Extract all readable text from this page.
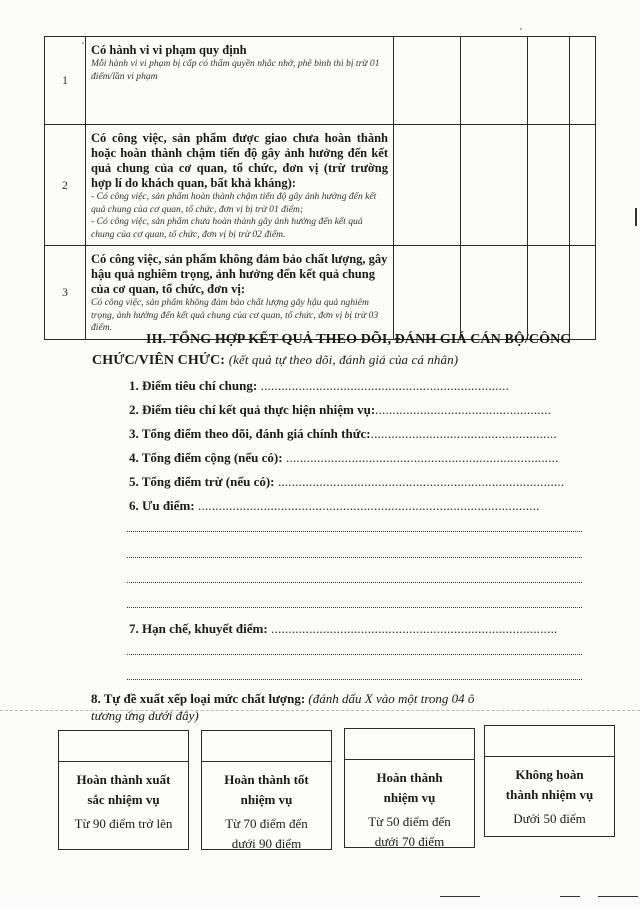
1	Có hành vi vi phạm quy định
Mỗi hành vi vi phạm bị cấp có thẩm quyền nhắc nhở, phê bình thì bị trừ 01 điểm/lần vi phạm				

2	Có công việc, sản phẩm được giao chưa hoàn thành hoặc hoàn thành chậm tiến độ gây ảnh hưởng đến kết quả chung của cơ quan, tổ chức, đơn vị (trừ trường hợp lí do khách quan, bất khả kháng):
- Có công việc, sản phẩm hoàn thành chậm tiến độ gây ảnh hưởng đến kết quả chung của cơ quan, tổ chức, đơn vị bị trừ 01 điểm;
- Có công việc, sản phẩm chưa hoàn thành gây ảnh hưởng đến kết quả chung của cơ quan, tổ chức, đơn vị bị trừ 02 điểm.				

3	Có công việc, sản phẩm không đảm bảo chất lượng, gây hậu quả nghiêm trọng, ảnh hưởng đến kết quả chung của cơ quan, tổ chức, đơn vị:
Có công việc, sản phẩm không đảm bảo chất lượng gây hậu quả nghiêm trọng, ảnh hưởng đến kết quả chung của cơ quan, tổ chức, đơn vị bị trừ 03 điểm.				

III. TỔNG HỢP KẾT QUẢ THEO DÕI, ĐÁNH GIÁ CÁN BỘ/CÔNG
CHỨC/VIÊN CHỨC: (kết quả tự theo dõi, đánh giá của cá nhân)
1. Điểm tiêu chí chung: ........................................................................
2. Điểm tiêu chí kết quả thực hiện nhiệm vụ:...................................................
3. Tổng điểm theo dõi, đánh giá chính thức:......................................................
4. Tổng điểm cộng (nếu có): ...............................................................................
5. Tổng điểm trừ (nếu có): ...................................................................................
6. Ưu điểm: ...................................................................................................
7. Hạn chế, khuyết điểm: ...................................................................................
8. Tự đề xuất xếp loại mức chất lượng: (đánh dấu X vào một trong 04 ô
tương ứng dưới đây)
Hoàn thành xuất
sắc nhiệm vụ
Từ 90 điểm trở lên
Hoàn thành tốt
nhiệm vụ
Từ 70 điểm đến
dưới 90 điểm
Hoàn thành
nhiệm vụ
Từ 50 điểm đến
dưới 70 điểm
Không hoàn
thành nhiệm vụ
Dưới 50 điểm
